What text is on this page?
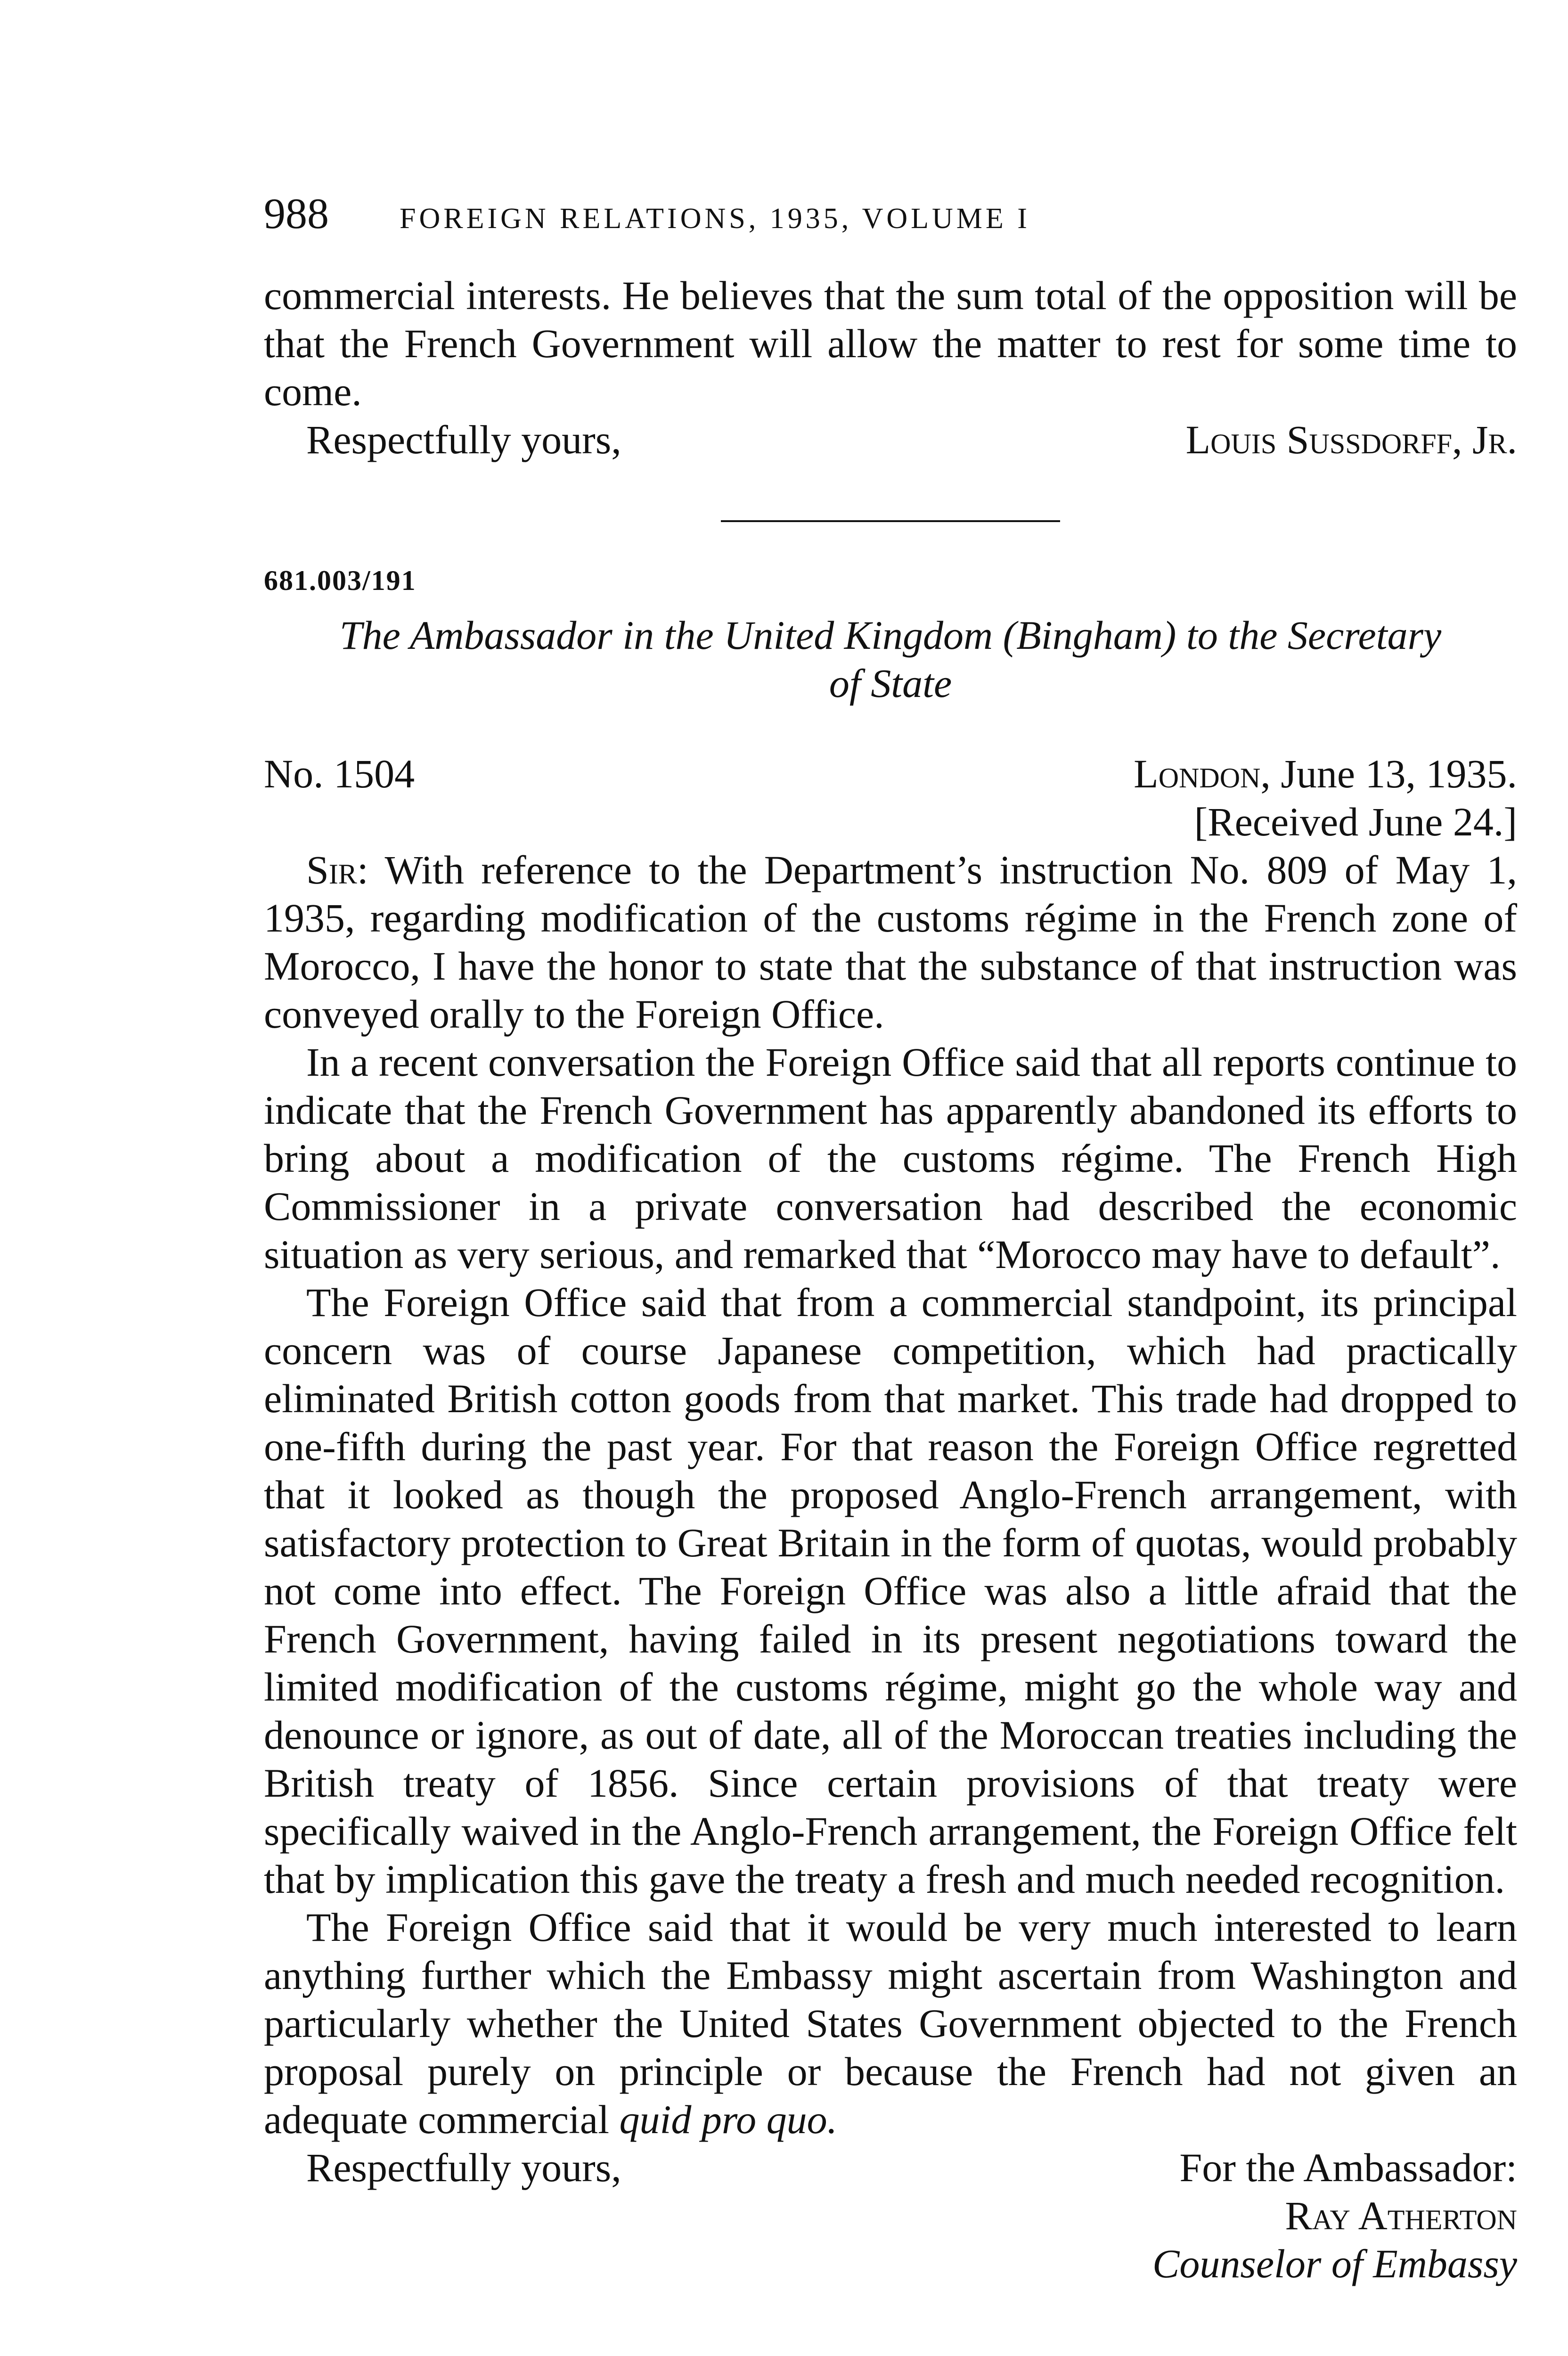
988 FOREIGN RELATIONS, 1935, VOLUME I

commercial interests. He believes that the sum total of the opposition will be that the French Government will allow the matter to rest for some time to come.

Respectfully yours,	Louis Sussdorff, Jr.
681.003/191
The Ambassador in the United Kingdom (Bingham) to the Secretary
of State
No. 1504	London, June 13, 1935.
[Received June 24.]

Sir: With reference to the Department’s instruction No. 809 of May 1, 1935, regarding modification of the customs régime in the French zone of Morocco, I have the honor to state that the substance of that instruction was conveyed orally to the Foreign Office.

In a recent conversation the Foreign Office said that all reports continue to indicate that the French Government has apparently abandoned its efforts to bring about a modification of the customs régime. The French High Commissioner in a private conversation had described the economic situation as very serious, and remarked that “Morocco may have to default”.

The Foreign Office said that from a commercial standpoint, its principal concern was of course Japanese competition, which had practically eliminated British cotton goods from that market. This trade had dropped to one-fifth during the past year. For that reason the Foreign Office regretted that it looked as though the proposed Anglo-French arrangement, with satisfactory protection to Great Britain in the form of quotas, would probably not come into effect. The Foreign Office was also a little afraid that the French Government, having failed in its present negotiations toward the limited modification of the customs régime, might go the whole way and denounce or ignore, as out of date, all of the Moroccan treaties including the British treaty of 1856. Since certain provisions of that treaty were specifically waived in the Anglo-French arrangement, the Foreign Office felt that by implication this gave the treaty a fresh and much needed recognition.

The Foreign Office said that it would be very much interested to learn anything further which the Embassy might ascertain from Washington and particularly whether the United States Government objected to the French proposal purely on principle or because the French had not given an adequate commercial quid pro quo.

Respectfully yours,	For the Ambassador:
Ray Atherton
Counselor of Embassy
